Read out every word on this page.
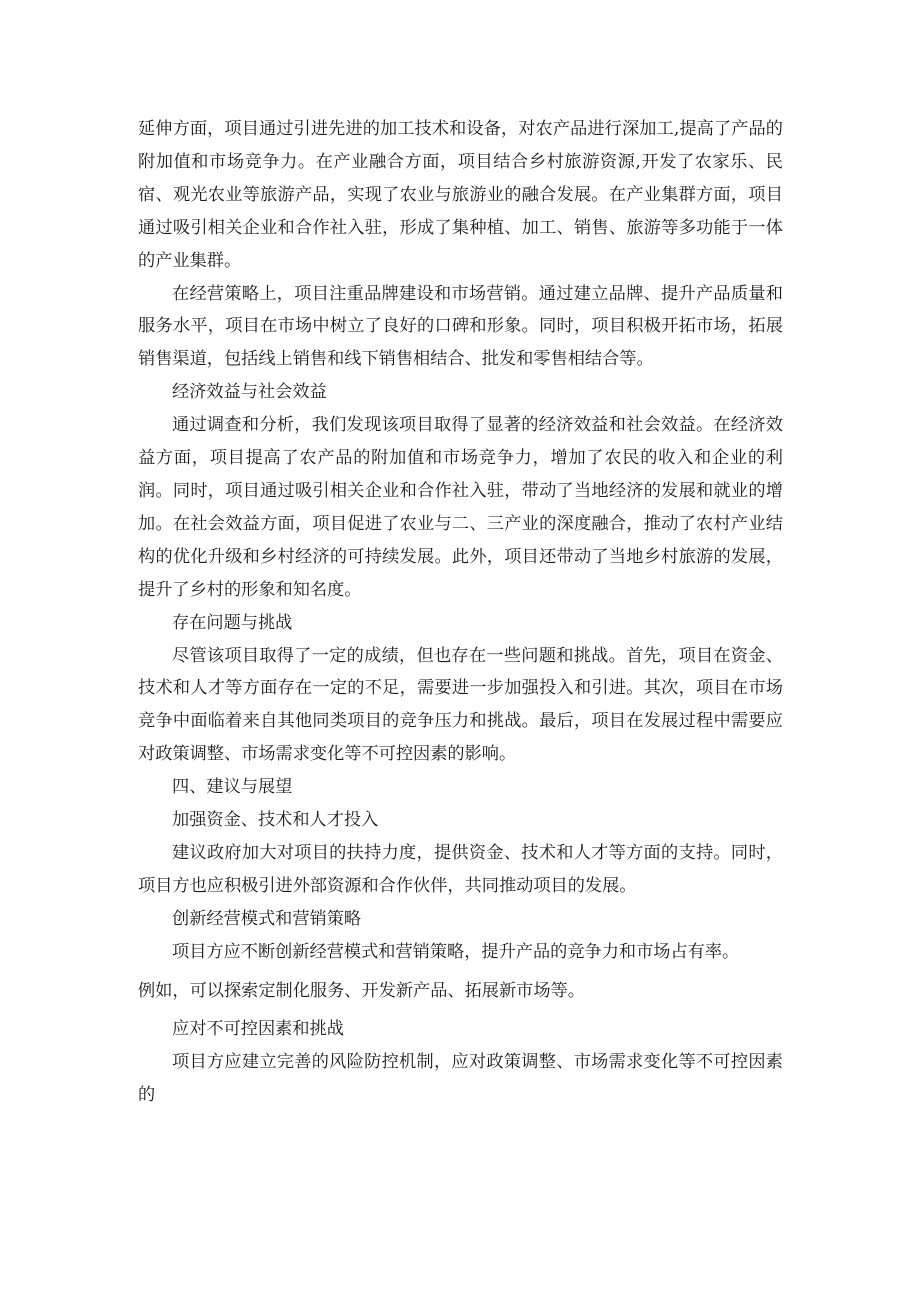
延伸方面，项目通过引进先进的加工技术和设备，对农产品进行深加工,提高了产品的附加值和市场竞争力。在产业融合方面，项目结合乡村旅游资源,开发了农家乐、民宿、观光农业等旅游产品，实现了农业与旅游业的融合发展。在产业集群方面，项目通过吸引相关企业和合作社入驻，形成了集种植、加工、销售、旅游等多功能于一体的产业集群。

在经营策略上，项目注重品牌建设和市场营销。通过建立品牌、提升产品质量和服务水平，项目在市场中树立了良好的口碑和形象。同时，项目积极开拓市场，拓展销售渠道，包括线上销售和线下销售相结合、批发和零售相结合等。

经济效益与社会效益

通过调查和分析，我们发现该项目取得了显著的经济效益和社会效益。在经济效益方面，项目提高了农产品的附加值和市场竞争力，增加了农民的收入和企业的利润。同时，项目通过吸引相关企业和合作社入驻，带动了当地经济的发展和就业的增加。在社会效益方面，项目促进了农业与二、三产业的深度融合，推动了农村产业结构的优化升级和乡村经济的可持续发展。此外，项目还带动了当地乡村旅游的发展，提升了乡村的形象和知名度。

存在问题与挑战

尽管该项目取得了一定的成绩，但也存在一些问题和挑战。首先，项目在资金、技术和人才等方面存在一定的不足，需要进一步加强投入和引进。其次，项目在市场竞争中面临着来自其他同类项目的竞争压力和挑战。最后，项目在发展过程中需要应对政策调整、市场需求变化等不可控因素的影响。

四、建议与展望

加强资金、技术和人才投入

建议政府加大对项目的扶持力度，提供资金、技术和人才等方面的支持。同时，项目方也应积极引进外部资源和合作伙伴，共同推动项目的发展。

创新经营模式和营销策略

项目方应不断创新经营模式和营销策略，提升产品的竞争力和市场占有率。

例如，可以探索定制化服务、开发新产品、拓展新市场等。

应对不可控因素和挑战

项目方应建立完善的风险防控机制，应对政策调整、市场需求变化等不可控因素的
